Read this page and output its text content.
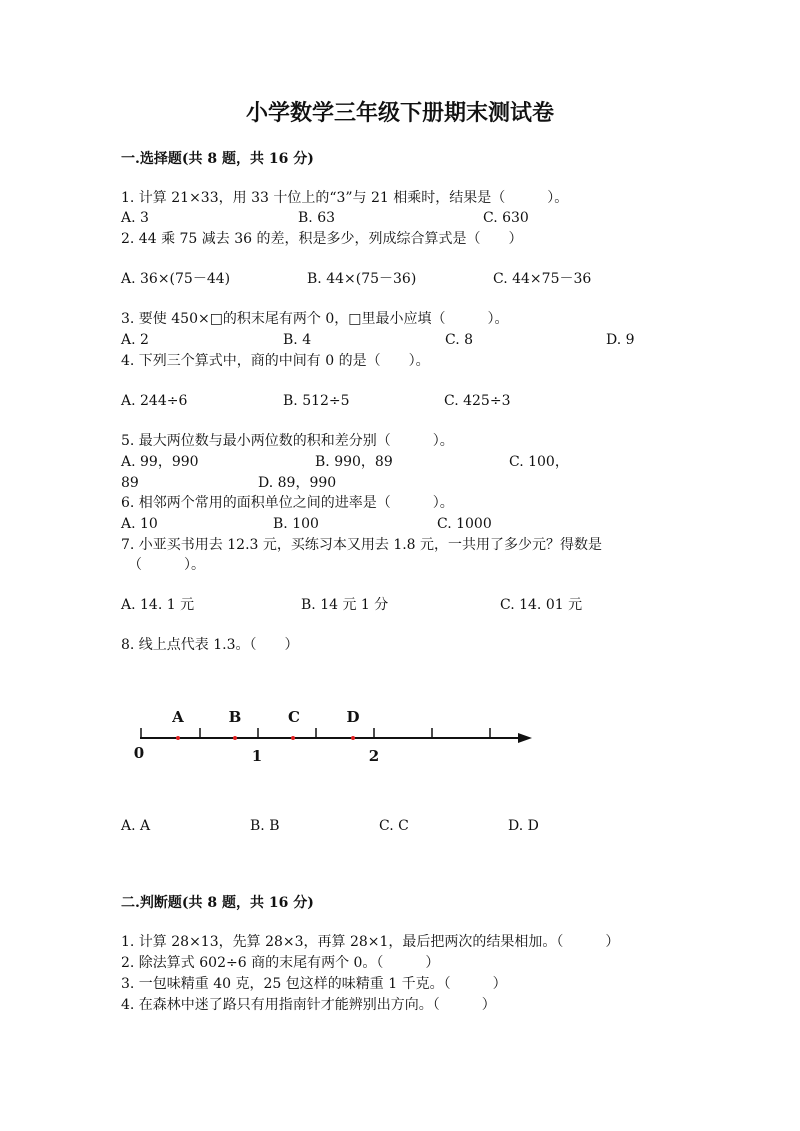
小学数学三年级下册期末测试卷
一.选择题(共 8 题，共 16 分)
1. 计算 21×33，用 33 十位上的“3”与 21 相乘时，结果是（　　　）。
A. 3	B. 63	C. 630
2. 44 乘 75 减去 36 的差，积是多少，列成综合算式是（　　）
A. 36×(75－44)	B. 44×(75－36)	C. 44×75－36
3. 要使 450×□的积末尾有两个 0，□里最小应填（　　　）。
A. 2	B. 4	C. 8	D. 9
4. 下列三个算式中，商的中间有 0 的是（　　）。
A. 244÷6	B. 512÷5	C. 425÷3
5. 最大两位数与最小两位数的积和差分别（　　　）。
A. 99，990	B. 990，89	C. 100，
89	D. 89，990
6. 相邻两个常用的面积单位之间的进率是（　　　）。
A. 10	B. 100	C. 1000
7. 小亚买书用去 12.3 元，买练习本又用去 1.8 元，一共用了多少元？得数是
（　　　）。
A. 14. 1 元	B. 14 元 1 分	C. 14. 01 元
8. 线上点代表 1.3。（　　）
A	B	C	D
0	1	2
A. A	B. B	C. C	D. D
二.判断题(共 8 题，共 16 分)
1. 计算 28×13，先算 28×3，再算 28×1，最后把两次的结果相加。（　　　）
2. 除法算式 602÷6 商的末尾有两个 0。（　　　）
3. 一包味精重 40 克，25 包这样的味精重 1 千克。（　　　）
4. 在森林中迷了路只有用指南针才能辨别出方向。（　　　）
